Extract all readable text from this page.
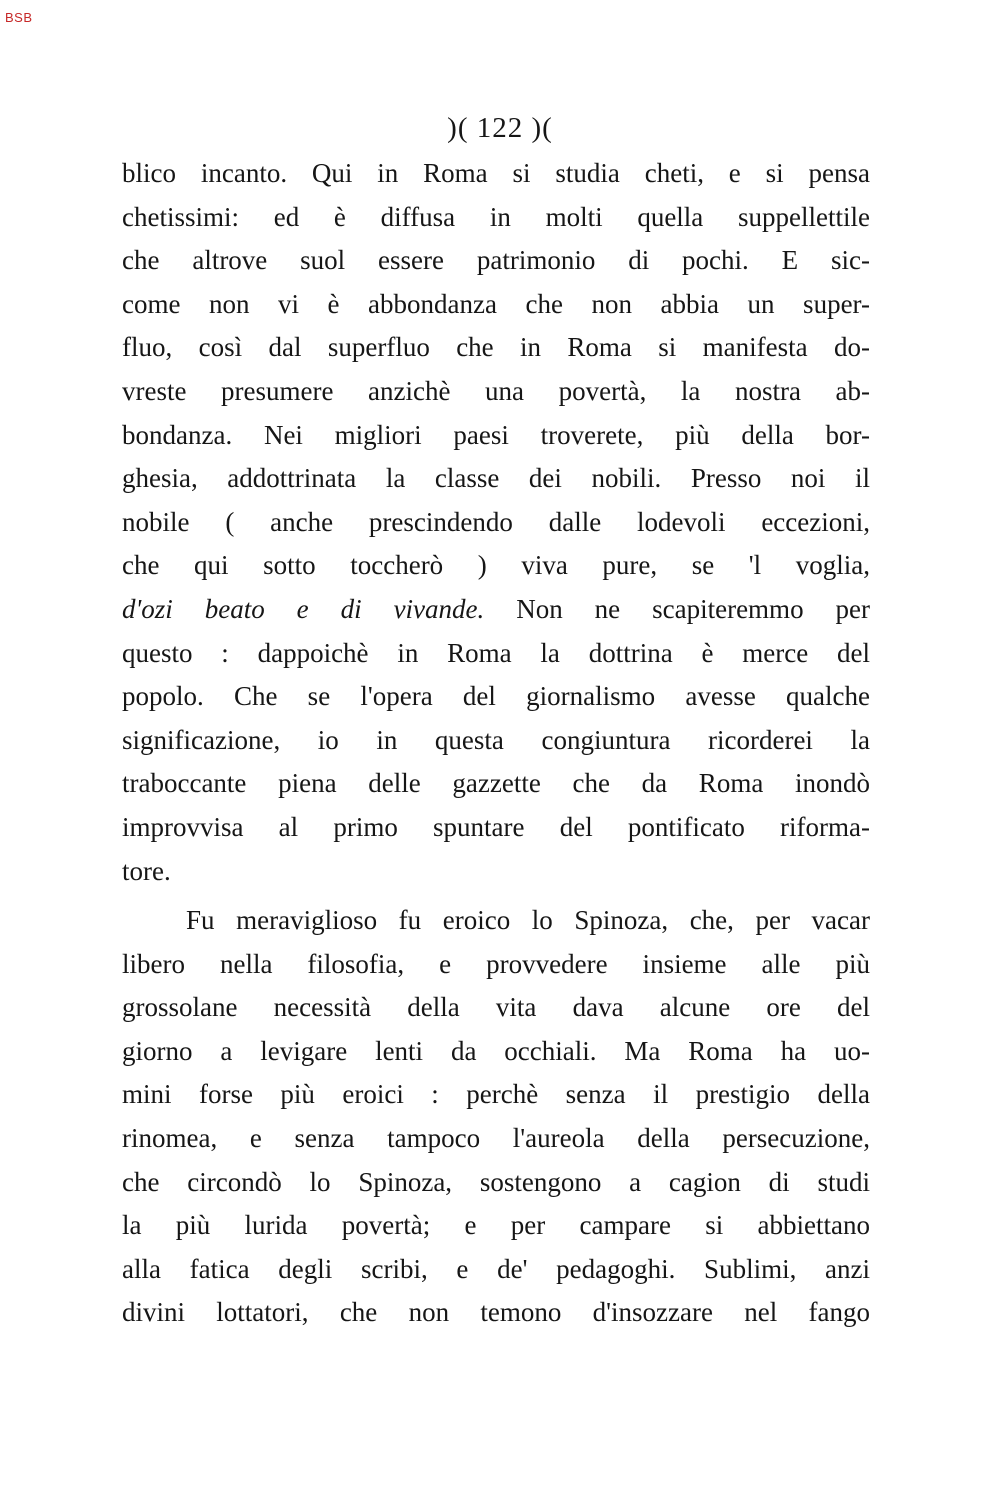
BSB
)( 122 )(
blico incanto. Qui in Roma si studia cheti, e si pensa
chetissimi: ed è diffusa in molti quella suppellettile
che altrove suol essere patrimonio di pochi. E sic-
come non vi è abbondanza che non abbia un super-
fluo, così dal superfluo che in Roma si manifesta do-
vreste presumere anzichè una povertà, la nostra ab-
bondanza. Nei migliori paesi troverete, più della bor-
ghesia, addottrinata la classe dei nobili. Presso noi il
nobile ( anche prescindendo dalle lodevoli eccezioni,
che qui sotto toccherò ) viva pure, se 'l voglia,
d'ozi beato e di vivande. Non ne scapiteremmo per
questo : dappoichè in Roma la dottrina è merce del
popolo. Che se l'opera del giornalismo avesse qualche
significazione, io in questa congiuntura ricorderei la
traboccante piena delle gazzette che da Roma inondò
improvvisa al primo spuntare del pontificato riforma-
tore.
Fu meraviglioso fu eroico lo Spinoza, che, per vacar
libero nella filosofia, e provvedere insieme alle più
grossolane necessità della vita dava alcune ore del
giorno a levigare lenti da occhiali. Ma Roma ha uo-
mini forse più eroici : perchè senza il prestigio della
rinomea, e senza tampoco l'aureola della persecuzione,
che circondò lo Spinoza, sostengono a cagion di studi
la più lurida povertà; e per campare si abbiettano
alla fatica degli scribi, e de' pedagoghi. Sublimi, anzi
divini lottatori, che non temono d'insozzare nel fango
